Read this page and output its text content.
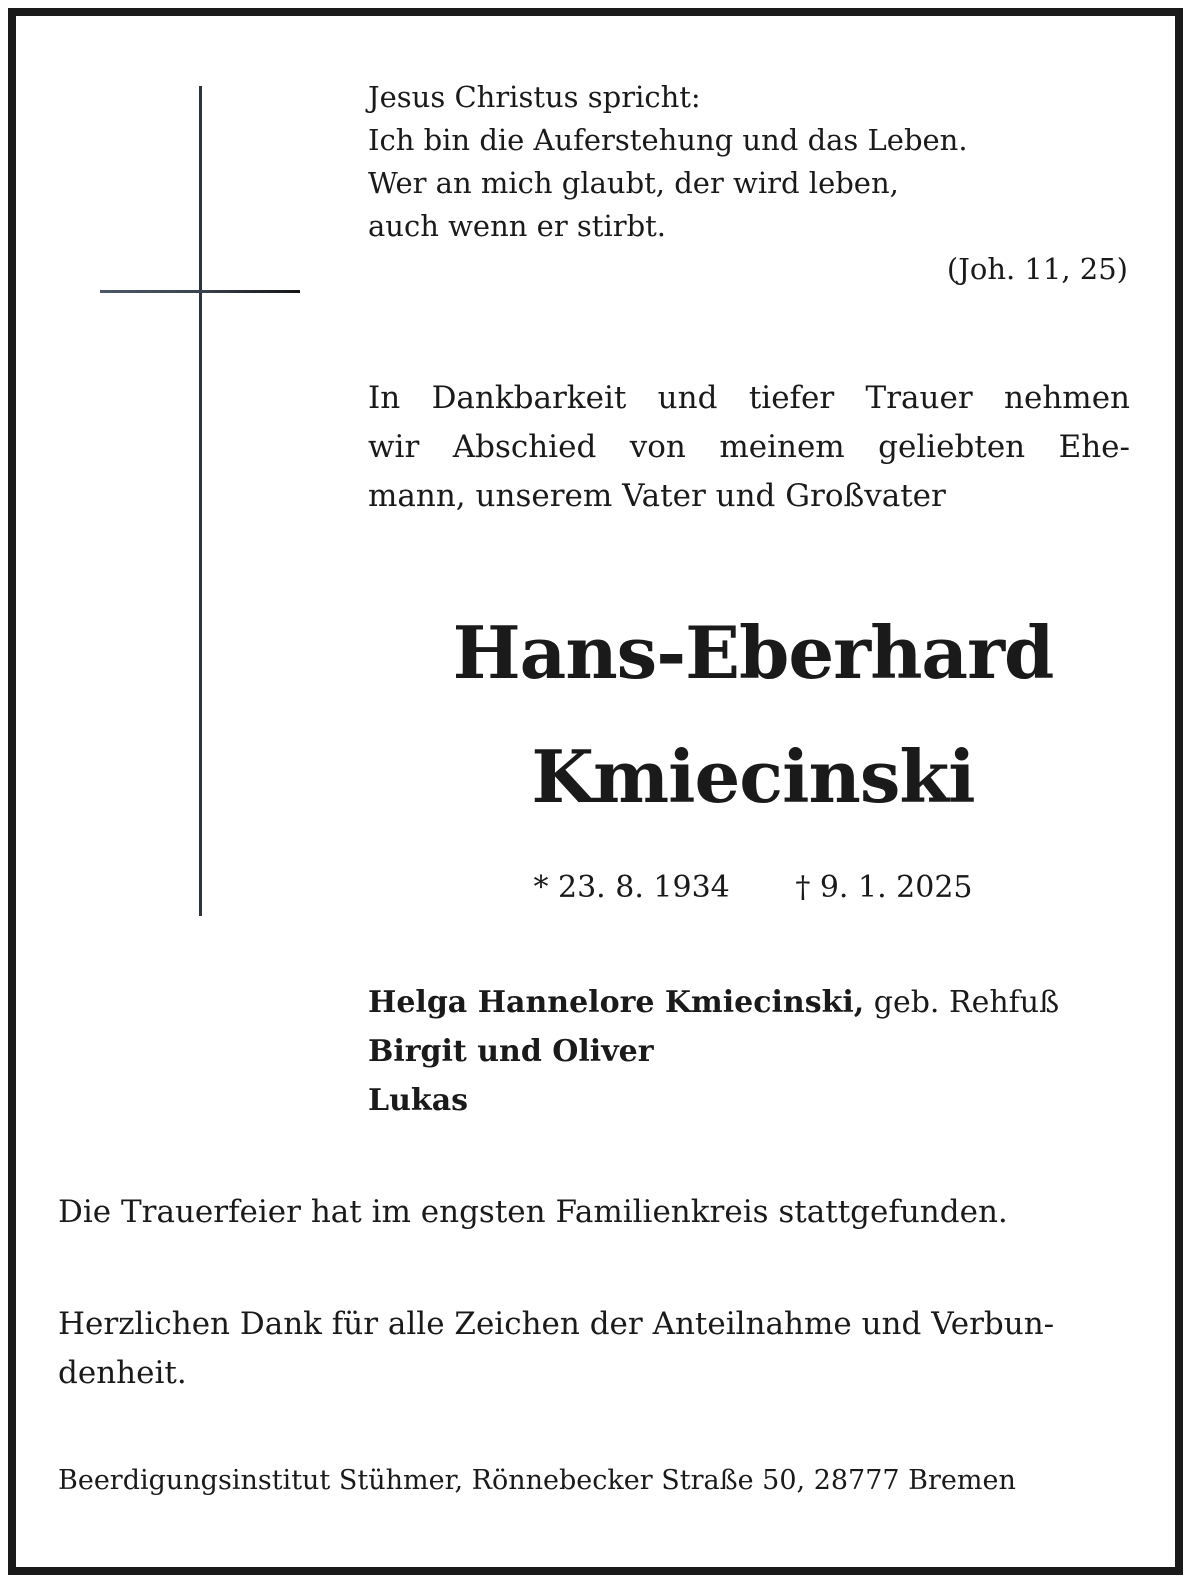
Jesus Christus spricht:
Ich bin die Auferstehung und das Leben.
Wer an mich glaubt, der wird leben,
auch wenn er stirbt.
(Joh. 11, 25)
In Dankbarkeit und tiefer Trauer nehmen
wir Abschied von meinem geliebten Ehe-
mann, unserem Vater und Großvater
Hans-Eberhard
Kmiecinski
* 23. 8. 1934 † 9. 1. 2025
Helga Hannelore Kmiecinski, geb. Rehfuß
Birgit und Oliver
Lukas
Die Trauerfeier hat im engsten Familienkreis stattgefunden.
Herzlichen Dank für alle Zeichen der Anteilnahme und Verbun-
denheit.
Beerdigungsinstitut Stühmer, Rönnebecker Straße 50, 28777 Bremen
